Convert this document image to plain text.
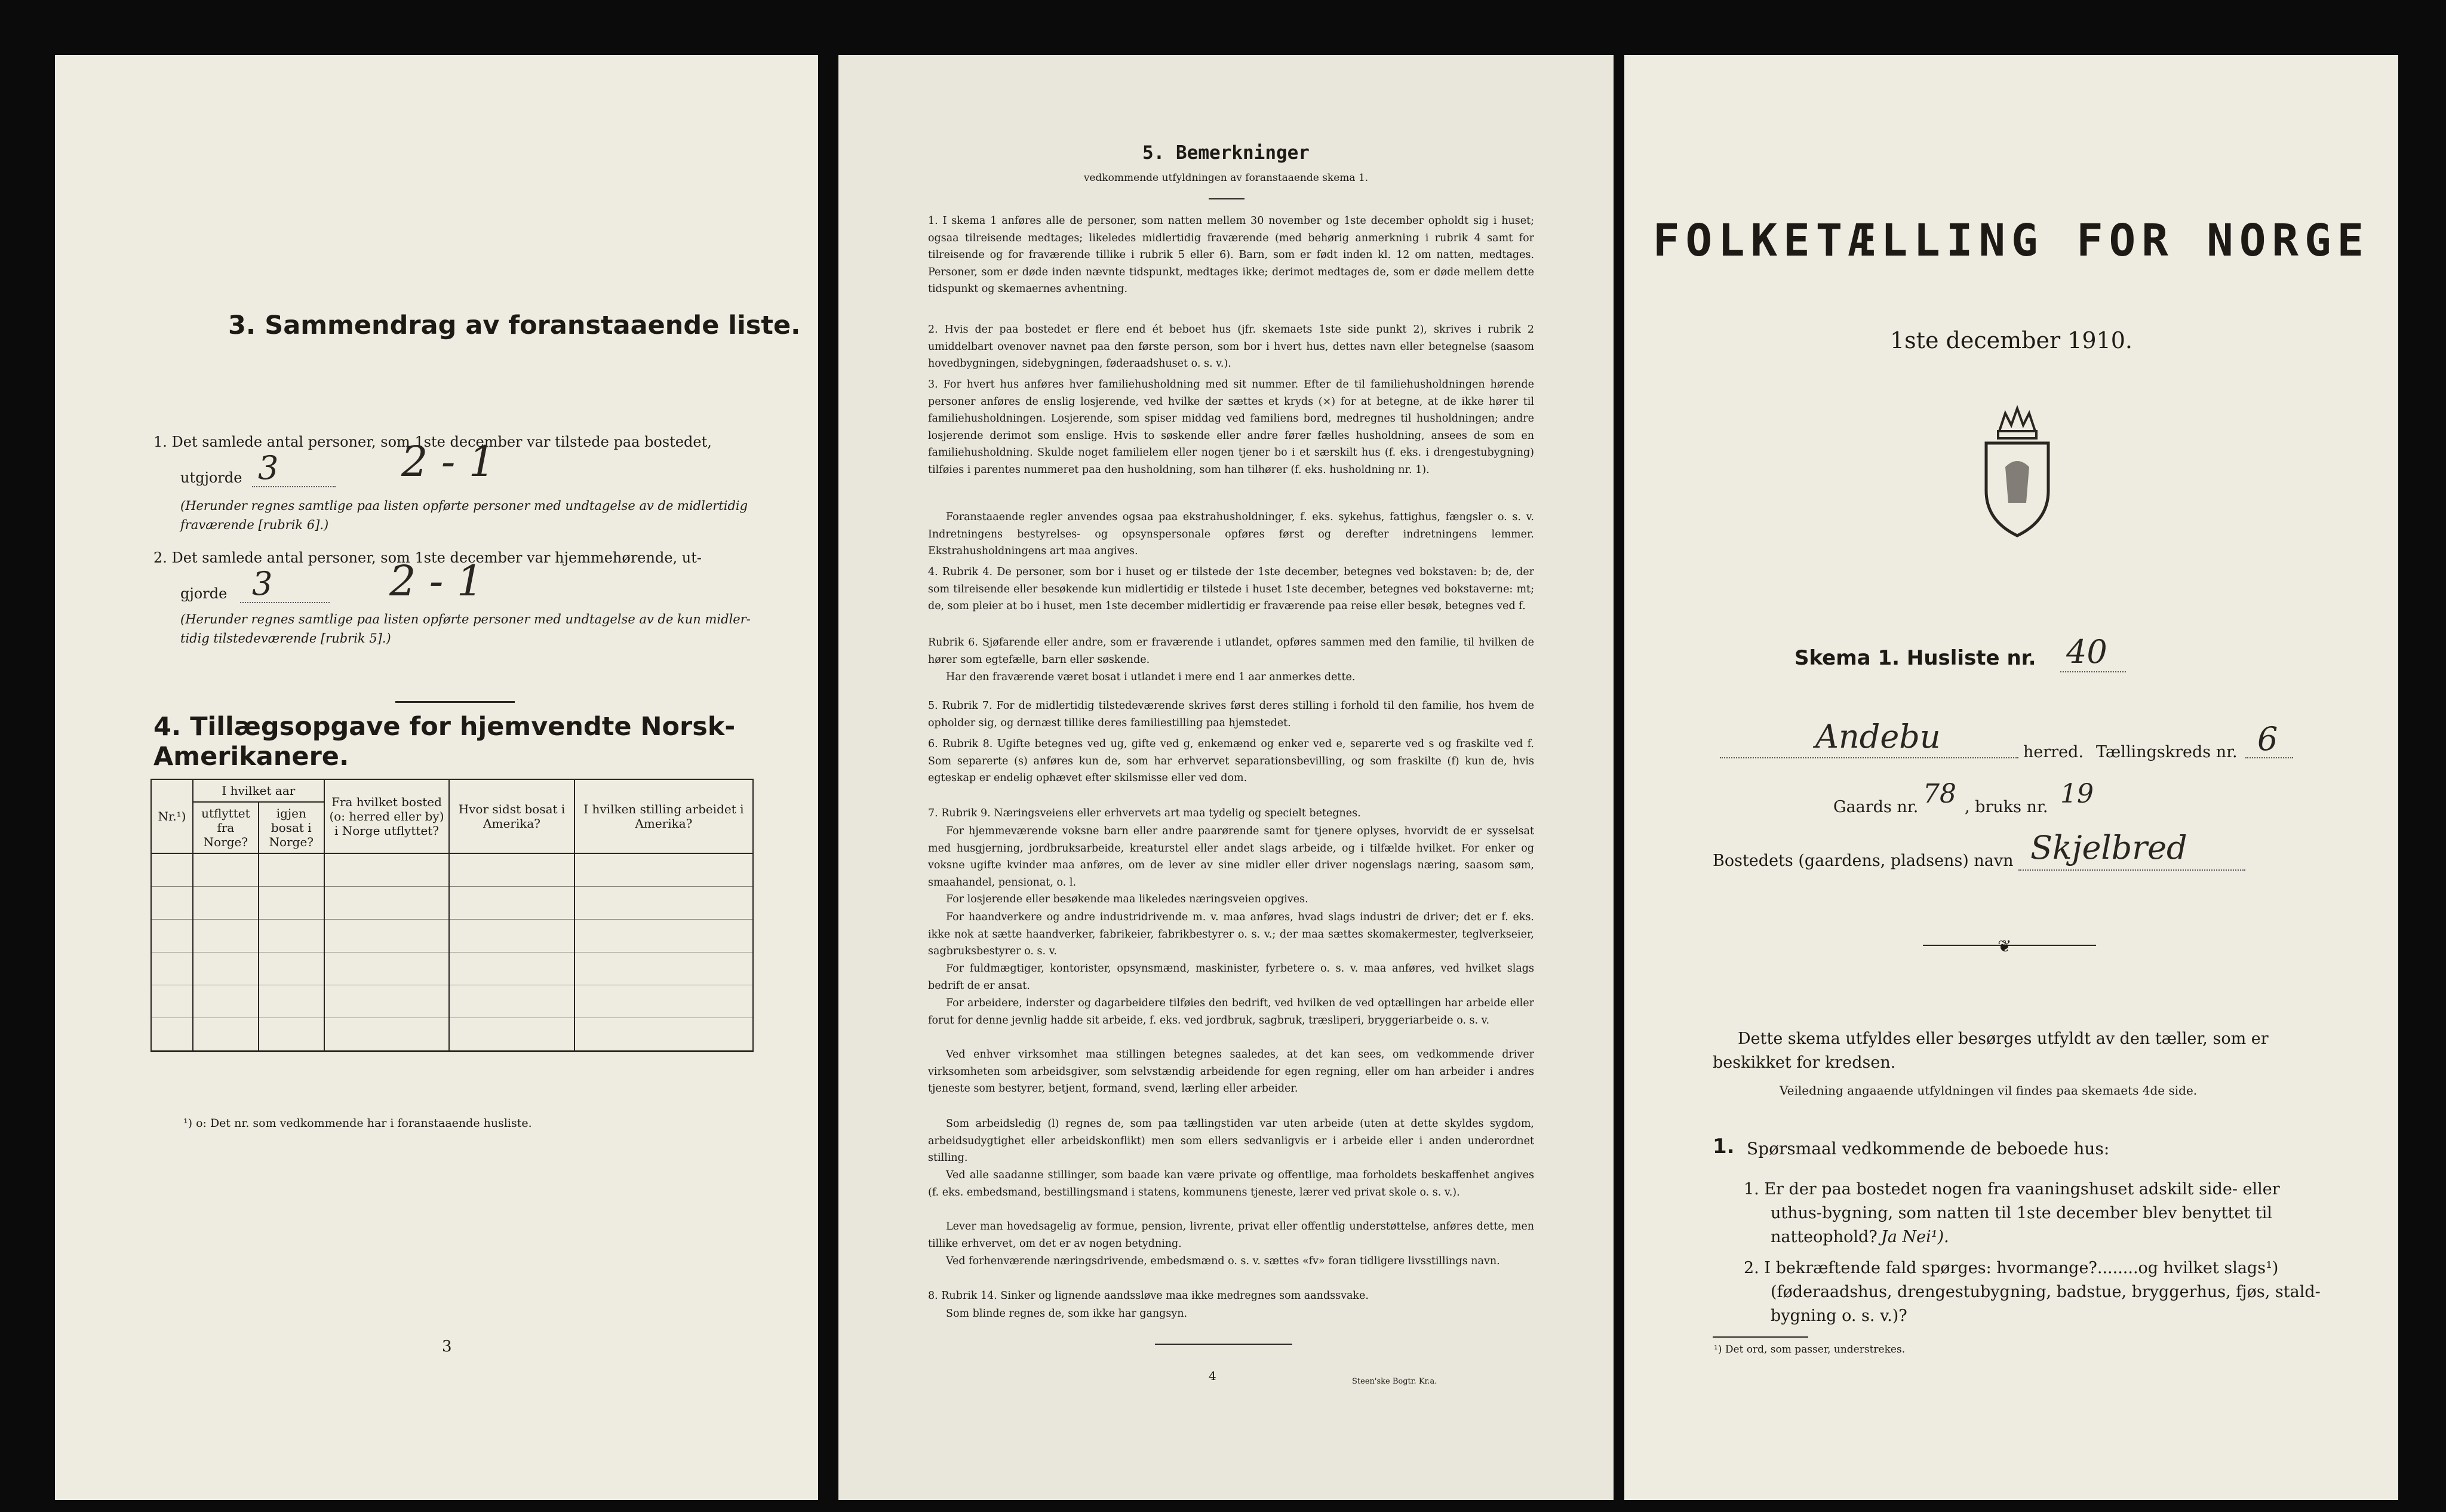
3. Sammendrag av foranstaaende liste.
1. Det samlede antal personer, som 1ste december var tilstede paa bostedet,
utgjorde 3	2 - 1
(Herunder regnes samtlige paa listen opførte personer med undtagelse av de midlertidig
fraværende [rubrik 6].)
2. Det samlede antal personer, som 1ste december var hjemmehørende, ut-
gjorde 3	2 - 1
(Herunder regnes samtlige paa listen opførte personer med undtagelse av de kun midler-
tidig tilstedeværende [rubrik 5].)
4. Tillægsopgave for hjemvendte Norsk-Amerikanere.
Nr.¹)	I hvilket aar		Fra hvilket bosted (o: herred eller by) i Norge utflyttet?	Hvor sidst bosat i Amerika?	I hvilken stilling arbeidet i Amerika?
	utflyttet fra Norge?	igjen bosat i Norge?			

¹) o: Det nr. som vedkommende har i foranstaaende husliste.
3
5. Bemerkninger
vedkommende utfyldningen av foranstaaende skema 1.
1. I skema 1 anføres alle de personer, som natten mellem 30 november og 1ste december opholdt sig i huset; ogsaa tilreisende medtages; likeledes midlertidig fraværende (med behørig anmerkning i rubrik 4 samt for tilreisende og for fraværende tillike i rubrik 5 eller 6). Barn, som er født inden kl. 12 om natten, medtages. Personer, som er døde inden nævnte tidspunkt, medtages ikke; derimot medtages de, som er døde mellem dette tidspunkt og skemaernes avhentning.
2. Hvis der paa bostedet er flere end ét beboet hus (jfr. skemaets 1ste side punkt 2), skrives i rubrik 2 umiddelbart ovenover navnet paa den første person, som bor i hvert hus, dettes navn eller betegnelse (saasom hovedbygningen, sidebygningen, føderaadshuset o. s. v.).
3. For hvert hus anføres hver familiehusholdning med sit nummer. Efter de til familiehusholdningen hørende personer anføres de enslig losjerende, ved hvilke der sættes et kryds (×) for at betegne, at de ikke hører til familiehusholdningen. Losjerende, som spiser middag ved familiens bord, medregnes til husholdningen; andre losjerende derimot som enslige. Hvis to søskende eller andre fører fælles husholdning, ansees de som en familiehusholdning. Skulde noget familielem eller nogen tjener bo i et særskilt hus (f. eks. i drengestubygning) tilføies i parentes nummeret paa den husholdning, som han tilhører (f. eks. husholdning nr. 1).
Foranstaaende regler anvendes ogsaa paa ekstrahusholdninger, f. eks. sykehus, fattighus, fængsler o. s. v. Indretningens bestyrelses- og opsynspersonale opføres først og derefter indretningens lemmer. Ekstrahusholdningens art maa angives.
4. Rubrik 4. De personer, som bor i huset og er tilstede der 1ste december, betegnes ved bokstaven: b; de, der som tilreisende eller besøkende kun midlertidig er tilstede i huset 1ste december, betegnes ved bokstaverne: mt; de, som pleier at bo i huset, men 1ste december midlertidig er fraværende paa reise eller besøk, betegnes ved f.
Rubrik 6. Sjøfarende eller andre, som er fraværende i utlandet, opføres sammen med den familie, til hvilken de hører som egtefælle, barn eller søskende.
Har den fraværende været bosat i utlandet i mere end 1 aar anmerkes dette.
5. Rubrik 7. For de midlertidig tilstedeværende skrives først deres stilling i forhold til den familie, hos hvem de opholder sig, og dernæst tillike deres familiestilling paa hjemstedet.
6. Rubrik 8. Ugifte betegnes ved ug, gifte ved g, enkemænd og enker ved e, separerte ved s og fraskilte ved f. Som separerte (s) anføres kun de, som har erhvervet separationsbevilling, og som fraskilte (f) kun de, hvis egteskap er endelig ophævet efter skilsmisse eller ved dom.
7. Rubrik 9. Næringsveiens eller erhvervets art maa tydelig og specielt betegnes.
For hjemmeværende voksne barn eller andre paarørende samt for tjenere oplyses, hvorvidt de er sysselsat med husgjerning, jordbruksarbeide, kreaturstel eller andet slags arbeide, og i tilfælde hvilket. For enker og voksne ugifte kvinder maa anføres, om de lever av sine midler eller driver nogenslags næring, saasom søm, smaahandel, pensionat, o. l.
For losjerende eller besøkende maa likeledes næringsveien opgives.
For haandverkere og andre industridrivende m. v. maa anføres, hvad slags industri de driver; det er f. eks. ikke nok at sætte haandverker, fabrikeier, fabrikbestyrer o. s. v.; der maa sættes skomakermester, teglverkseier, sagbruksbestyrer o. s. v.
For fuldmægtiger, kontorister, opsynsmænd, maskinister, fyrbetere o. s. v. maa anføres, ved hvilket slags bedrift de er ansat.
For arbeidere, inderster og dagarbeidere tilføies den bedrift, ved hvilken de ved optællingen har arbeide eller forut for denne jevnlig hadde sit arbeide, f. eks. ved jordbruk, sagbruk, træsliperi, bryggeriarbeide o. s. v.
Ved enhver virksomhet maa stillingen betegnes saaledes, at det kan sees, om vedkommende driver virksomheten som arbeidsgiver, som selvstændig arbeidende for egen regning, eller om han arbeider i andres tjeneste som bestyrer, betjent, formand, svend, lærling eller arbeider.
Som arbeidsledig (l) regnes de, som paa tællingstiden var uten arbeide (uten at dette skyldes sygdom, arbeidsudygtighet eller arbeidskonflikt) men som ellers sedvanligvis er i arbeide eller i anden underordnet stilling.
Ved alle saadanne stillinger, som baade kan være private og offentlige, maa forholdets beskaffenhet angives (f. eks. embedsmand, bestillingsmand i statens, kommunens tjeneste, lærer ved privat skole o. s. v.).
Lever man hovedsagelig av formue, pension, livrente, privat eller offentlig understøttelse, anføres dette, men tillike erhvervet, om det er av nogen betydning.
Ved forhenværende næringsdrivende, embedsmænd o. s. v. sættes «fv» foran tidligere livsstillings navn.
8. Rubrik 14. Sinker og lignende aandssløve maa ikke medregnes som aandssvake.
Som blinde regnes de, som ikke har gangsyn.
4	Steen'ske Bogtr. Kr.a.
FOLKETÆLLING FOR NORGE
1ste december 1910.
Skema 1. Husliste nr. 40
Andebu	herred. Tællingskreds nr. 6
Gaards nr. 78 , bruks nr. 19
Bostedets (gaardens, pladsens) navn Skjelbred
❦
Dette skema utfyldes eller besørges utfyldt av den tæller, som er
beskikket for kredsen.
Veiledning angaaende utfyldningen vil findes paa skemaets 4de side.
1. Spørsmaal vedkommende de beboede hus:
1. Er der paa bostedet nogen fra vaaningshuset adskilt side- eller
uthus-bygning, som natten til 1ste december blev benyttet til
natteophold? Ja Nei¹).
2. I bekræftende fald spørges: hvormange?........og hvilket slags¹)
(føderaadshus, drengestubygning, badstue, bryggerhus, fjøs, stald-
bygning o. s. v.)?
¹) Det ord, som passer, understrekes.
